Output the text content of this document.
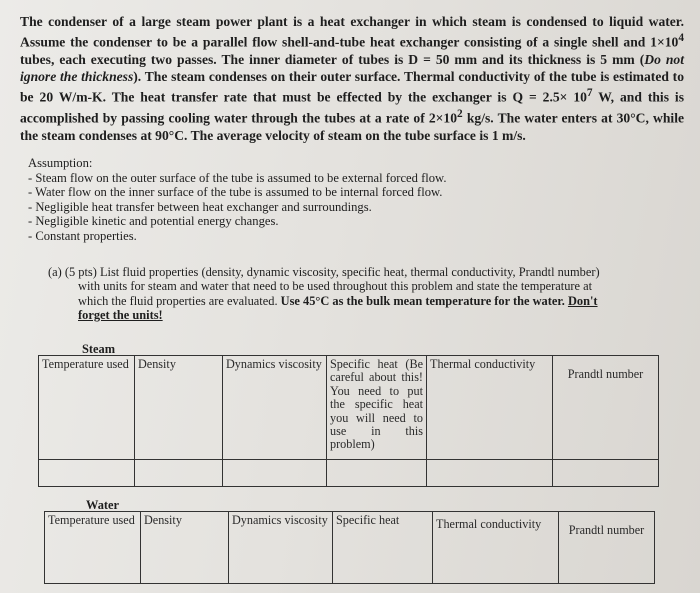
The condenser of a large steam power plant is a heat exchanger in which steam is condensed to liquid water. Assume the condenser to be a parallel flow shell-and-tube heat exchanger consisting of a single shell and $1\times 10^4$ tubes, each executing two passes. The inner diameter of tubes is D = 50 mm and its thickness is 5 mm (Do not ignore the thickness). The steam condenses on their outer surface. Thermal conductivity of the tube is estimated to be 20 W/m-K. The heat transfer rate that must be effected by the exchanger is $Q = 2.5\times 10^7$ W, and this is accomplished by passing cooling water through the tubes at a rate of $2\times 10^2$ kg/s. The water enters at 30°C, while the steam condenses at 90°C. The average velocity of steam on the tube surface is 1 m/s.

Assumption:
- Steam flow on the outer surface of the tube is assumed to be external forced flow.
- Water flow on the inner surface of the tube is assumed to be internal forced flow.
- Negligible heat transfer between heat exchanger and surroundings.
- Negligible kinetic and potential energy changes.
- Constant properties.
(a) (5 pts) List fluid properties (density, dynamic viscosity, specific heat, thermal conductivity, Prandtl number)
with units for steam and water that need to be used throughout this problem and state the temperature at
which the fluid properties are evaluated. Use 45°C as the bulk mean temperature for the water. Don't
forget the units!
Steam
Temperature used	Density	Dynamics viscosity	Specific heat (Be careful about this! You need to put the specific heat you will need to use in this problem)	Thermal conductivity	Prandtl number

Water
Temperature used	Density	Dynamics viscosity	Specific heat	Thermal conductivity	Prandtl number
